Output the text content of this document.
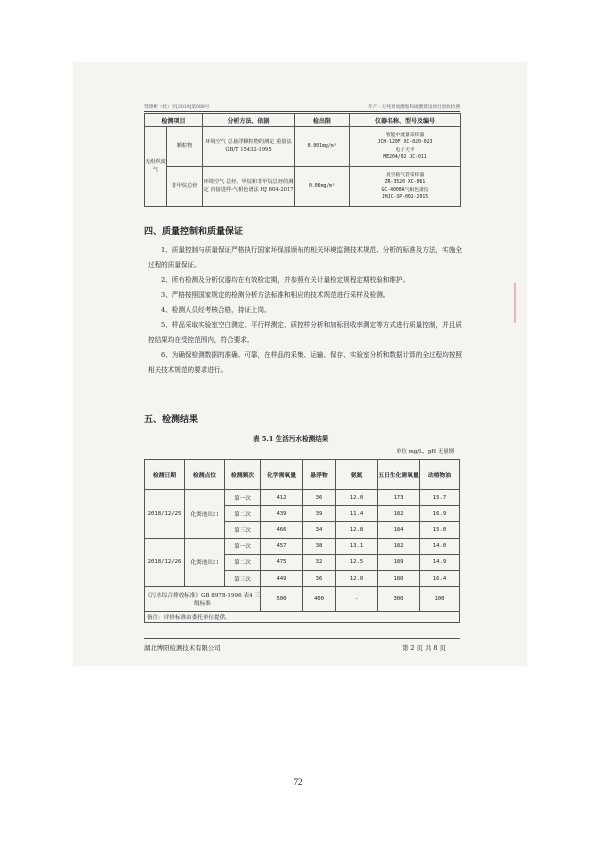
鄂博彬（检）字[2019]第088号	年产一万吨胃氨酸胺和硫酸建设项目验收检测
检测项目		分析方法、依据	检出限	仪器名称、型号及编号
无组织废气	颗粒物	环境空气 总悬浮颗粒物的测定 重量法 GB/T 15432-1995	0.001mg/m³	智能中流量采样器
JCH-120F XC-020-023
电子天平
ME204/02 JC-011

	非甲烷总烃	环境空气 总烃、甲烷和非甲烷总烃的测定 直接进样-气相色谱法 HJ 604-2017	0.06mg/m³	真空箱气袋采样器
ZR-3520 XC-061
GC-4000A气相色谱仪
JHJC-SP-002-2015
四、质量控制和质量保证

1、质量控制与质量保证严格执行国家环保部颁布的相关环境监测技术规范、分析的标准及方法，实施全过程的质量保证。

2、所有检测及分析仪器均在有效检定期，并参照有关计量检定规程定期校验和维护。

3、严格按照国家规定的检测分析方法标准和相应的技术规范进行采样及检测。

4、检测人员经考核合格，持证上岗。

5、样品采取实验室空白测定、平行样测定、质控样分析和加标回收率测定等方式进行质量控制，并且质控结果均在受控范围内，符合要求。

6、为确保检测数据的准确、可靠，在样品的采集、运输、保存、实验室分析和数据计算的全过程均按照相关技术规范的要求进行。

五、检测结果
表 5.1 生活污水检测结果
单位 mg/L，pH 无量纲
检测日期	检测点位	检测频次	化学需氧量	悬浮物	氨氮	五日生化需氧量	动植物油
2018/12/25	化粪池出口	第一次	412	36	12.0	173	15.7
		第二次	439	39	11.4	182	16.9
		第三次	466	34	12.8	184	15.0
2018/12/26	化粪池出口	第一次	457	38	13.1	182	14.0
		第二次	475	32	12.5	189	14.9
		第三次	449	36	12.0	180	16.4
《污水综合排放标准》GB 8978-1996 表4 三级标准			500	400	-	300	100
备注：评价标准由委托单位提供。							
湖北博阳检测技术有限公司	第 2 页 共 8 页
72
